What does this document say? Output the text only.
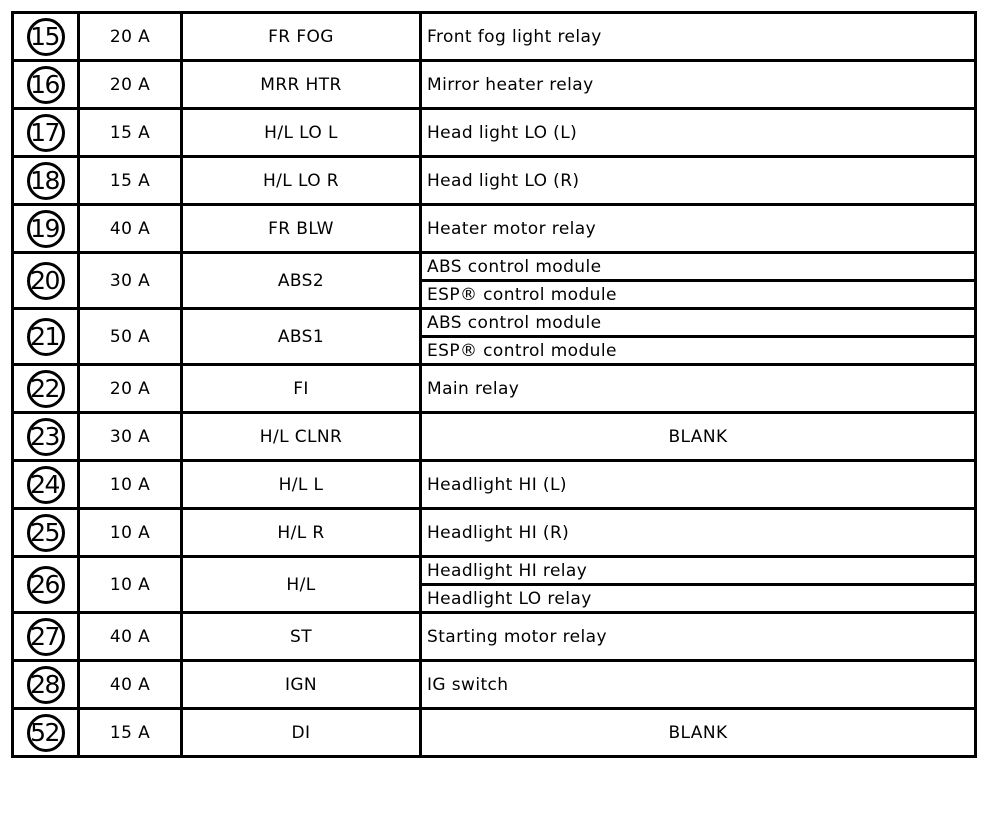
15	20 A	FR FOG	Front fog light relay
16	20 A	MRR HTR	Mirror heater relay
17	15 A	H/L LO L	Head light LO (L)
18	15 A	H/L LO R	Head light LO (R)
19	40 A	FR BLW	Heater motor relay
20	30 A	ABS2	ABS control module
			ESP® control module
21	50 A	ABS1	ABS control module
			ESP® control module
22	20 A	FI	Main relay
23	30 A	H/L CLNR	BLANK
24	10 A	H/L L	Headlight HI (L)
25	10 A	H/L R	Headlight HI (R)
26	10 A	H/L	Headlight HI relay
			Headlight LO relay
27	40 A	ST	Starting motor relay
28	40 A	IGN	IG switch
52	15 A	DI	BLANK
